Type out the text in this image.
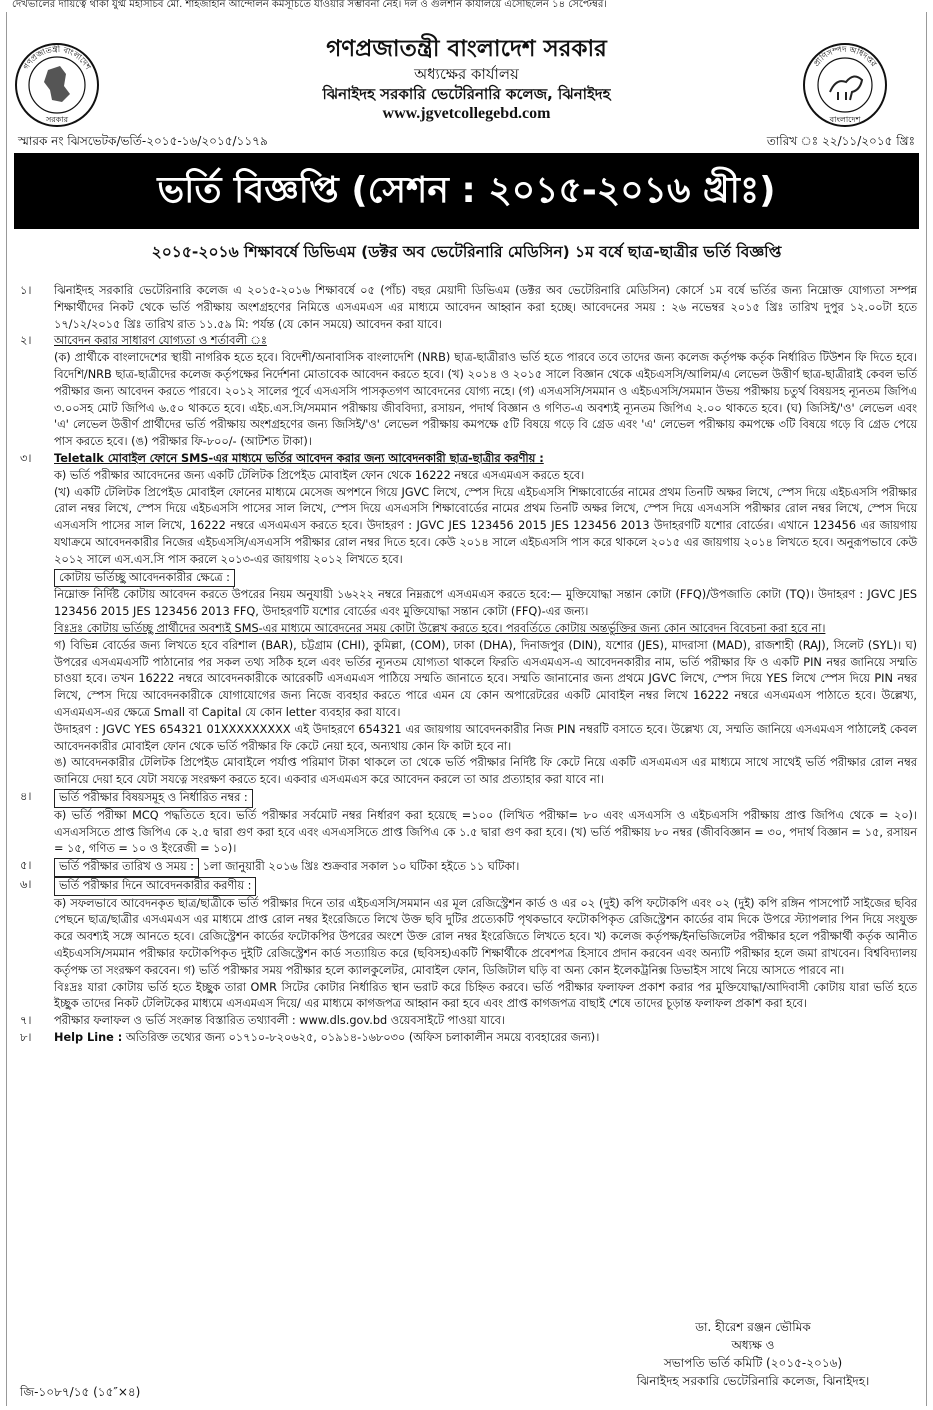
দেখভালের দায়িত্বে থাকা যুগ্ম মহাসচিব মো. শাহজাহান আন্দোলন কর্মসূচিতে যাওয়ার সম্ভাবনা নেই। দল ও গুলশান কার্যালয়ে এসেছিলেন ১৪ সেপ্টেম্বর।
গণপ্রজাতন্ত্রী বাংলাদেশ
সরকার
প্রাণিসম্পদ অধিদপ্তর
বাংলাদেশ
গণপ্রজাতন্ত্রী বাংলাদেশ সরকার
অধ্যক্ষের কার্যালয়
ঝিনাইদহ সরকারি ভেটেরিনারি কলেজ, ঝিনাইদহ
www.jgvetcollegebd.com
স্মারক নং ঝিসভেটক/ভর্তি-২০১৫-১৬/২০১৫/১১৭৯	তারিখ ঃ ২২/১১/২০১৫ খ্রিঃ
ভর্তি বিজ্ঞপ্তি (সেশন : ২০১৫-২০১৬ খ্রীঃ)
২০১৫-২০১৬ শিক্ষাবর্ষে ডিভিএম (ডক্টর অব ভেটেরিনারি মেডিসিন) ১ম বর্ষে ছাত্র-ছাত্রীর ভর্তি বিজ্ঞপ্তি
১।	ঝিনাইদহ সরকারি ভেটেরিনারি কলেজ এ ২০১৫-২০১৬ শিক্ষাবর্ষে ০৫ (পাঁচ) বছর মেয়াদী ডিভিএম (ডক্টর অব ভেটেরিনারি মেডিসিন) কোর্সে ১ম বর্ষে ভর্তির জন্য নিম্নোক্ত যোগ্যতা সম্পন্ন শিক্ষার্থীদের নিকট থেকে ভর্তি পরীক্ষায় অংশগ্রহণের নিমিত্তে এসএমএস এর মাধ্যমে আবেদন আহ্বান করা হচ্ছে। আবেদনের সময় : ২৬ নভেম্বর ২০১৫ খ্রিঃ তারিখ দুপুর ১২.০০টা হতে ১৭/১২/২০১৫ খ্রিঃ তারিখ রাত ১১.৫৯ মি: পর্যন্ত (যে কোন সময়ে) আবেদন করা যাবে।

২।	আবেদন করার সাধারণ যোগ্যতা ও শর্তাবলী ঃ

(ক) প্রার্থীকে বাংলাদেশের স্থায়ী নাগরিক হতে হবে। বিদেশী/অনাবাসিক বাংলাদেশি (NRB) ছাত্র-ছাত্রীরাও ভর্তি হতে পারবে তবে তাদের জন্য কলেজ কর্তৃপক্ষ কর্তৃক নির্ধারিত টিউশন ফি দিতে হবে। বিদেশি/NRB ছাত্র-ছাত্রীদের কলেজ কর্তৃপক্ষের নির্দেশনা মোতাবেক আবেদন করতে হবে। (খ) ২০১৪ ও ২০১৫ সালে বিজ্ঞান থেকে এইচএসসি/আলিম/এ লেভেল উত্তীর্ণ ছাত্র-ছাত্রীরাই কেবল ভর্তি পরীক্ষার জন্য আবেদন করতে পারবে। ২০১২ সালের পূর্বে এসএসসি পাসকৃতগণ আবেদনের যোগ্য নহে। (গ) এসএসসি/সমমান ও এইচএসসি/সমমান উভয় পরীক্ষায় চতুর্থ বিষয়সহ ন্যূনতম জিপিএ ৩.০০সহ মোট জিপিএ ৬.৫০ থাকতে হবে। এইচ.এস.সি/সমমান পরীক্ষায় জীববিদ্যা, রসায়ন, পদার্থ বিজ্ঞান ও গণিত-এ অবশ্যই ন্যূনতম জিপিএ ২.০০ থাকতে হবে। (ঘ) জিসিই/'ও' লেভেল এবং 'এ' লেভেল উত্তীর্ণ প্রার্থীদের ভর্তি পরীক্ষায় অংশগ্রহণের জন্য জিসিই/'ও' লেভেল পরীক্ষায় কমপক্ষে ৫টি বিষয়ে গড়ে বি গ্রেড এবং 'এ' লেভেল পরীক্ষায় কমপক্ষে ৩টি বিষয়ে গড়ে বি গ্রেড পেয়ে পাস করতে হবে। (ঙ) পরীক্ষার ফি-৮০০/- (আটশত টাকা)।

৩।	Teletalk মোবাইল ফোনে SMS-এর মাধ্যমে ভর্তির আবেদন করার জন্য আবেদনকারী ছাত্র-ছাত্রীর করণীয় :

ক) ভর্তি পরীক্ষার আবেদনের জন্য একটি টেলিটক প্রিপেইড মোবাইল ফোন থেকে 16222 নম্বরে এসএমএস করতে হবে।

(খ) একটি টেলিটক প্রিপেইড মোবাইল ফোনের মাধ্যমে মেসেজ অপশনে গিয়ে JGVC লিখে, স্পেস দিয়ে এইচএসসি শিক্ষাবোর্ডের নামের প্রথম তিনটি অক্ষর লিখে, স্পেস দিয়ে এইচএসসি পরীক্ষার রোল নম্বর লিখে, স্পেস দিয়ে এইচএসসি পাসের সাল লিখে, স্পেস দিয়ে এসএসসি শিক্ষাবোর্ডের নামের প্রথম তিনটি অক্ষর লিখে, স্পেস দিয়ে এসএসসি পরীক্ষার রোল নম্বর লিখে, স্পেস দিয়ে এসএসসি পাসের সাল লিখে, 16222 নম্বরে এসএমএস করতে হবে। উদাহরণ : JGVC JES 123456 2015 JES 123456 2013 উদাহরণটি যশোর বোর্ডের। এখানে 123456 এর জায়গায় যথাক্রমে আবেদনকারীর নিজের এইচএসসি/এসএসসি পরীক্ষার রোল নম্বর দিতে হবে। কেউ ২০১৪ সালে এইচএসসি পাস করে থাকলে ২০১৫ এর জায়গায় ২০১৪ লিখতে হবে। অনুরূপভাবে কেউ ২০১২ সালে এস.এস.সি পাস করলে ২০১৩-এর জায়গায় ২০১২ লিখতে হবে।

কোটায় ভর্তিচ্ছু আবেদনকারীর ক্ষেত্রে :

নিম্নোক্ত নির্দিষ্ট কোটায় আবেদন করতে উপরের নিয়ম অনুযায়ী ১৬২২২ নম্বরে নিম্নরূপে এসএমএস করতে হবে:— মুক্তিযোদ্ধা সন্তান কোটা (FFQ)/উপজাতি কোটা (TQ)। উদাহরণ : JGVC JES 123456 2015 JES 123456 2013 FFQ, উদাহরণটি যশোর বোর্ডের এবং মুক্তিযোদ্ধা সন্তান কোটা (FFQ)-এর জন্য।

বিঃদ্রঃ কোটায় ভর্তিচ্ছু প্রার্থীদের অবশ্যই SMS-এর মাধ্যমে আবেদনের সময় কোটা উল্লেখ করতে হবে। পরবর্তিতে কোটায় অন্তর্ভুক্তির জন্য কোন আবেদন বিবেচনা করা হবে না।

গ) বিভিন্ন বোর্ডের জন্য লিখতে হবে বরিশাল (BAR), চট্টগ্রাম (CHI), কুমিল্লা, (COM), ঢাকা (DHA), দিনাজপুর (DIN), যশোর (JES), মাদরাসা (MAD), রাজশাহী (RAJ), সিলেট (SYL)। ঘ) উপরের এসএমএসটি পাঠানোর পর সকল তথ্য সঠিক হলে এবং ভর্তির ন্যূনতম যোগ্যতা থাকলে ফিরতি এসএমএস-এ আবেদনকারীর নাম, ভর্তি পরীক্ষার ফি ও একটি PIN নম্বর জানিয়ে সম্মতি চাওয়া হবে। তখন 16222 নম্বরে আবেদনকারীকে আরেকটি এসএমএস পাঠিয়ে সম্মতি জানাতে হবে। সম্মতি জানানোর জন্য প্রথমে JGVC লিখে, স্পেস দিয়ে YES লিখে স্পেস দিয়ে PIN নম্বর লিখে, স্পেস দিয়ে আবেদনকারীকে যোগাযোগের জন্য নিজে ব্যবহার করতে পারে এমন যে কোন অপারেটরের একটি মোবাইল নম্বর লিখে 16222 নম্বরে এসএমএস পাঠাতে হবে। উল্লেখ্য, এসএমএস-এর ক্ষেত্রে Small বা Capital যে কোন letter ব্যবহার করা যাবে।

উদাহরণ : JGVC YES 654321 01XXXXXXXXX এই উদাহরণে 654321 এর জায়গায় আবেদনকারীর নিজ PIN নম্বরটি বসাতে হবে। উল্লেখ্য যে, সম্মতি জানিয়ে এসএমএস পাঠালেই কেবল আবেদনকারীর মোবাইল ফোন থেকে ভর্তি পরীক্ষার ফি কেটে নেয়া হবে, অন্যথায় কোন ফি কাটা হবে না।

ঙ) আবেদনকারীর টেলিটক প্রিপেইড মোবাইলে পর্যাপ্ত পরিমাণ টাকা থাকলে তা থেকে ভর্তি পরীক্ষার নির্দিষ্ট ফি কেটে নিয়ে একটি এসএমএস এর মাধ্যমে সাথে সাথেই ভর্তি পরীক্ষার রোল নম্বর জানিয়ে দেয়া হবে যেটা সযত্নে সংরক্ষণ করতে হবে। একবার এসএমএস করে আবেদন করলে তা আর প্রত্যাহার করা যাবে না।

৪।	ভর্তি পরীক্ষার বিষয়সমূহ ও নির্ধারিত নম্বর :

ক) ভর্তি পরীক্ষা MCQ পদ্ধতিতে হবে। ভর্তি পরীক্ষার সর্বমোট নম্বর নির্ধারণ করা হয়েছে =১০০ (লিখিত পরীক্ষা= ৮০ এবং এসএসসি ও এইচএসসি পরীক্ষায় প্রাপ্ত জিপিএ থেকে = ২০)। এসএসসিতে প্রাপ্ত জিপিএ কে ২.৫ দ্বারা গুণ করা হবে এবং এসএসসিতে প্রাপ্ত জিপিএ কে ১.৫ দ্বারা গুণ করা হবে। (খ) ভর্তি পরীক্ষায় ৮০ নম্বর (জীববিজ্ঞান = ৩০, পদার্থ বিজ্ঞান = ১৫, রসায়ন = ১৫, গণিত = ১০ ও ইংরেজী = ১০)।

৫।	ভর্তি পরীক্ষার তারিখ ও সময় : ১লা জানুয়ারী ২০১৬ খ্রিঃ শুক্রবার সকাল ১০ ঘটিকা হইতে ১১ ঘটিকা।

৬।	ভর্তি পরীক্ষার দিনে আবেদনকারীর করণীয় :

ক) সফলভাবে আবেদনকৃত ছাত্র/ছাত্রীকে ভর্তি পরীক্ষার দিনে তার এইচএসসি/সমমান এর মূল রেজিস্ট্রেশন কার্ড ও এর ০২ (দুই) কপি ফটোকপি এবং ০২ (দুই) কপি রঙ্গিন পাসপোর্ট সাইজের ছবির পেছনে ছাত্র/ছাত্রীর এসএমএস এর মাধ্যমে প্রাপ্ত রোল নম্বর ইংরেজিতে লিখে উক্ত ছবি দুটির প্রত্যেকটি পৃথকভাবে ফটোকপিকৃত রেজিস্ট্রেশন কার্ডের বাম দিকে উপরে স্ট্যাপলার পিন দিয়ে সংযুক্ত করে অবশ্যই সঙ্গে আনতে হবে। রেজিস্ট্রেশন কার্ডের ফটোকপির উপরের অংশে উক্ত রোল নম্বর ইংরেজিতে লিখতে হবে। খ) কলেজ কর্তৃপক্ষ/ইনভিজিলেটর পরীক্ষার হলে পরীক্ষার্থী কর্তৃক আনীত এইচএসসি/সমমান পরীক্ষার ফটোকপিকৃত দুইটি রেজিস্ট্রেশন কার্ড সত্যায়িত করে (ছবিসহ)একটি শিক্ষার্থীকে প্রবেশপত্র হিসাবে প্রদান করবেন এবং অন্যটি পরীক্ষার হলে জমা রাখবেন। বিশ্ববিদ্যালয় কর্তৃপক্ষ তা সংরক্ষণ করবেন। গ) ভর্তি পরীক্ষার সময় পরীক্ষার হলে ক্যালকুলেটর, মোবাইল ফোন, ডিজিটাল ঘড়ি বা অন্য কোন ইলেকট্রনিক্স ডিভাইস সাথে নিয়ে আসতে পারবে না।

বিঃদ্রঃ যারা কোটায় ভর্তি হতে ইচ্ছুক তারা OMR সিটের কোটার নির্ধারিত স্থান ভরাট করে চিহ্নিত করবে। ভর্তি পরীক্ষার ফলাফল প্রকাশ করার পর মুক্তিযোদ্ধা/আদিবাসী কোটায় যারা ভর্তি হতে ইচ্ছুক তাদের নিকট টেলিটকের মাধ্যমে এসএমএস দিয়ে/ এর মাধ্যমে কাগজপত্র আহ্বান করা হবে এবং প্রাপ্ত কাগজপত্র বাছাই শেষে তাদের চূড়ান্ত ফলাফল প্রকাশ করা হবে।

৭।	পরীক্ষার ফলাফল ও ভর্তি সংক্রান্ত বিস্তারিত তথ্যাবলী : www.dls.gov.bd ওয়েবসাইটে পাওয়া যাবে।

৮।	Help Line : অতিরিক্ত তথ্যের জন্য ০১৭১০-৮২০৬২৫, ০১৯১৪-১৬৮০৩০ (অফিস চলাকালীন সময়ে ব্যবহারের জন্য)।

ডা. হীরেশ রঞ্জন ভৌমিক
অধ্যক্ষ ও
সভাপতি ভর্তি কমিটি (২০১৫-২০১৬)
ঝিনাইদহ সরকারি ভেটেরিনারি কলেজ, ঝিনাইদহ।
জি-১০৮৭/১৫ (১৫″×৪)
